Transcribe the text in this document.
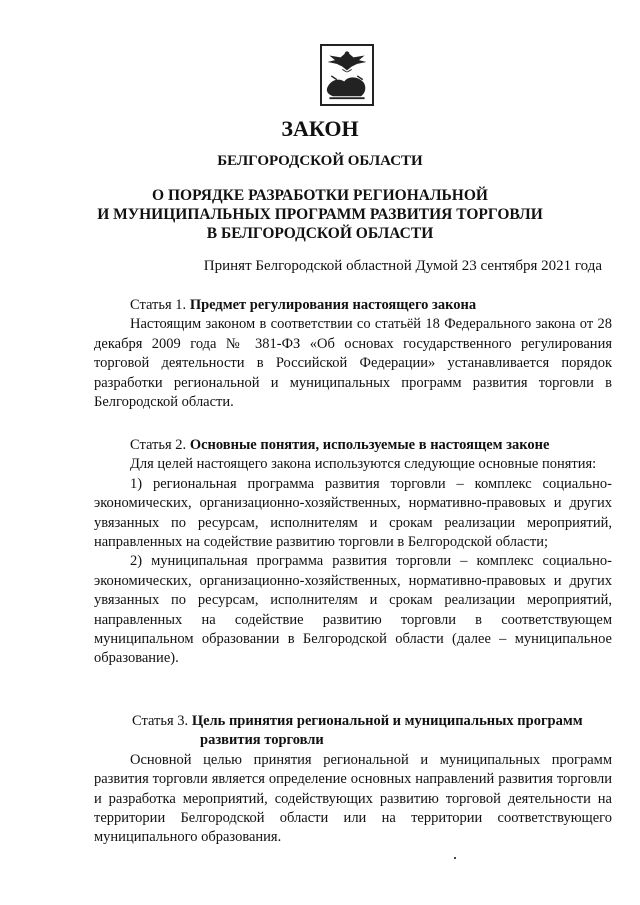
ЗАКОН
БЕЛГОРОДСКОЙ ОБЛАСТИ
О ПОРЯДКЕ РАЗРАБОТКИ РЕГИОНАЛЬНОЙ
И МУНИЦИПАЛЬНЫХ ПРОГРАММ РАЗВИТИЯ ТОРГОВЛИ
В БЕЛГОРОДСКОЙ ОБЛАСТИ

Принят Белгородской областной Думой 23 сентября 2021 года

Статья 1. Предмет регулирования настоящего закона

Настоящим законом в соответствии со статьёй 18 Федерального закона от 28 декабря 2009 года № 381-ФЗ «Об основах государственного регулирования торговой деятельности в Российской Федерации» устанавливается порядок разработки региональной и муниципальных программ развития торговли в Белгородской области.

Статья 2. Основные понятия, используемые в настоящем законе

Для целей настоящего закона используются следующие основные понятия:

1) региональная программа развития торговли – комплекс социально-экономических, организационно-хозяйственных, нормативно-правовых и других увязанных по ресурсам, исполнителям и срокам реализации мероприятий, направленных на содействие развитию торговли в Белгородской области;

2) муниципальная программа развития торговли – комплекс социально-экономических, организационно-хозяйственных, нормативно-правовых и других увязанных по ресурсам, исполнителям и срокам реализации мероприятий, направленных на содействие развитию торговли в соответствующем муниципальном образовании в Белгородской области (далее – муниципальное образование).

Статья 3. Цель принятия региональной и муниципальных программ
развития торговли

Основной целью принятия региональной и муниципальных программ развития торговли является определение основных направлений развития торговли и разработка мероприятий, содействующих развитию торговой деятельности на территории Белгородской области или на территории соответствующего муниципального образования.
